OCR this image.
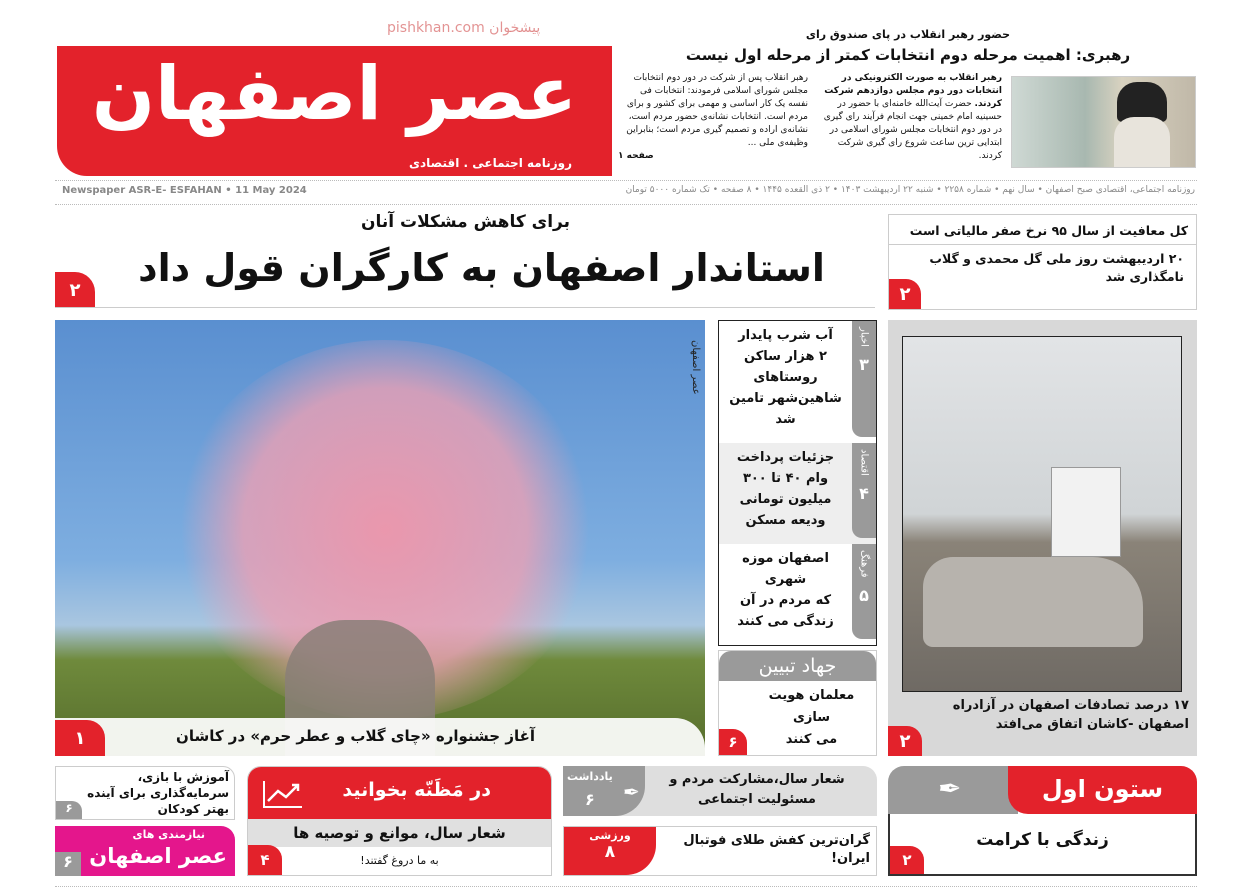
عصر اصفهان
روزنامه اجتماعی . اقتصادی
پیشخوان pishkhan.com	حضور رهبر انقلاب در پای صندوق رای
رهبری: اهمیت مرحله دوم انتخابات کمتر از مرحله اول نیست
رهبر انقلاب به صورت الکترونیکی در انتخابات دور دوم مجلس دوازدهم شرکت کردند. حضرت آیت‌الله خامنه‌ای با حضور در حسینیه امام خمینی جهت انجام فرآیند رای گیری در دور دوم انتخابات مجلس شورای اسلامی در ابتدایی ترین ساعت شروع رای گیری شرکت کردند.
رهبر انقلاب پس از شرکت در دور دوم انتخابات مجلس شورای اسلامی فرمودند: انتخابات فی نفسه یک کار اساسی و مهمی برای کشور و برای مردم است. انتخابات نشانه‌ی حضور مردم است، نشانه‌ی اراده و تصمیم گیری مردم است؛ بنابراین وظیفه‌ی ملی ...
صفحه ۱
روزنامه اجتماعی، اقتصادی صبح اصفهان • سال نهم • شماره ۲۲۵۸ • شنبه ۲۲ اردیبهشت ۱۴۰۳ • ۲ ذی القعده ۱۴۴۵ • ۸ صفحه • تک شماره ۵۰۰۰ تومان
Newspaper ASR-E- ESFAHAN • 11 May 2024
برای کاهش مشکلات آنان
استاندار اصفهان به کارگران قول داد
۲
کل معافیت از سال ۹۵ نرخ صفر مالیاتی است
۲۰ اردیبهشت روز ملی گل محمدی و گلاب نامگذاری شد
۲
عصر اصفهان
آغاز جشنواره «چای گلاب و عطر حرم» در کاشان
۱
اخبار
۳
آب شرب پایدار
۲ هزار ساکن
روستاهای
شاهین‌شهر تامین شد
اقتصاد
۴
جزئیات پرداخت
وام ۴۰ تا ۳۰۰
میلیون تومانی
ودیعه مسکن
فرهنگ
۵
اصفهان موزه شهری
که مردم در آن
زندگی می کنند
جهاد تبیین
معلمان هویت سازی
می کنند
۶
۱۷ درصد تصادفات اصفهان در آزادراه اصفهان -کاشان اتفاق می‌افتد
۲
آموزش با بازی، سرمایه‌گذاری برای آینده بهتر کودکان
۶
نیازمندی های
عصر اصفهان
۶
در مَظَنّه بخوانید
شعار سال، موانع و توصیه ها
به ما دروغ گفتند!
۴
یادداشت
۶ ✒
شعار سال،مشارکت مردم و مسئولیت اجتماعی
ورزشی
۸
گران‌ترین کفش طلای فوتبال ایران!
✒	ستون اول
زندگی با کرامت
۲
